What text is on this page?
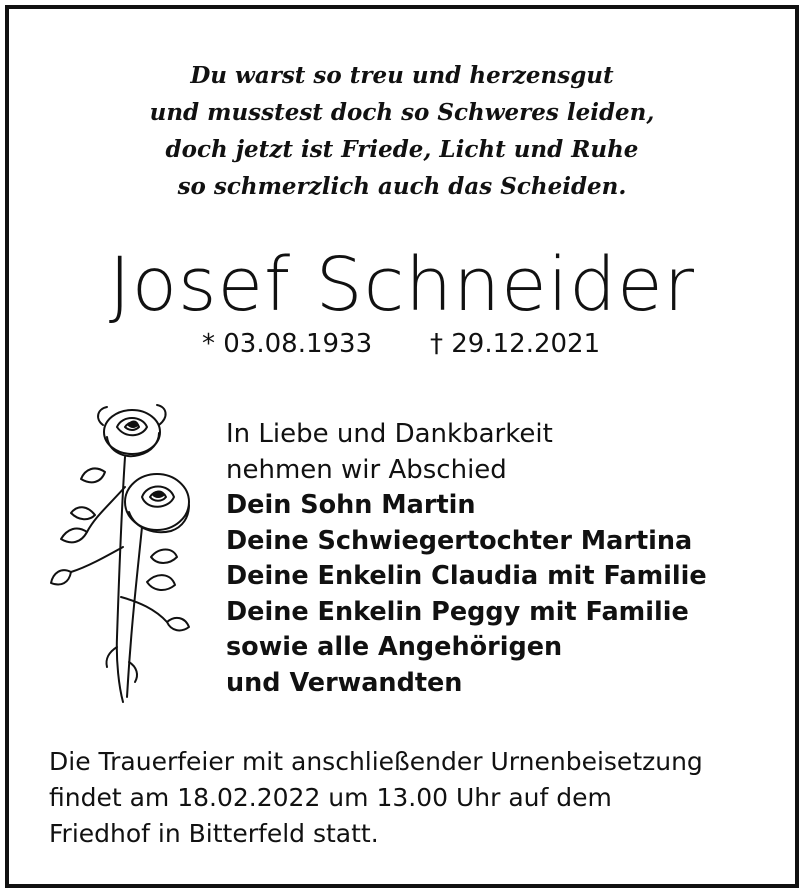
Du warst so treu und herzensgut
und musstest doch so Schweres leiden,
doch jetzt ist Friede, Licht und Ruhe
so schmerzlich auch das Scheiden.
Josef Schneider
* 03.08.1933 † 29.12.2021
In Liebe und Dankbarkeit
nehmen wir Abschied
Dein Sohn Martin
Deine Schwiegertochter Martina
Deine Enkelin Claudia mit Familie
Deine Enkelin Peggy mit Familie
sowie alle Angehörigen
und Verwandten
Die Trauerfeier mit anschließender Urnenbeisetzung
findet am 18.02.2022 um 13.00 Uhr auf dem
Friedhof in Bitterfeld statt.
